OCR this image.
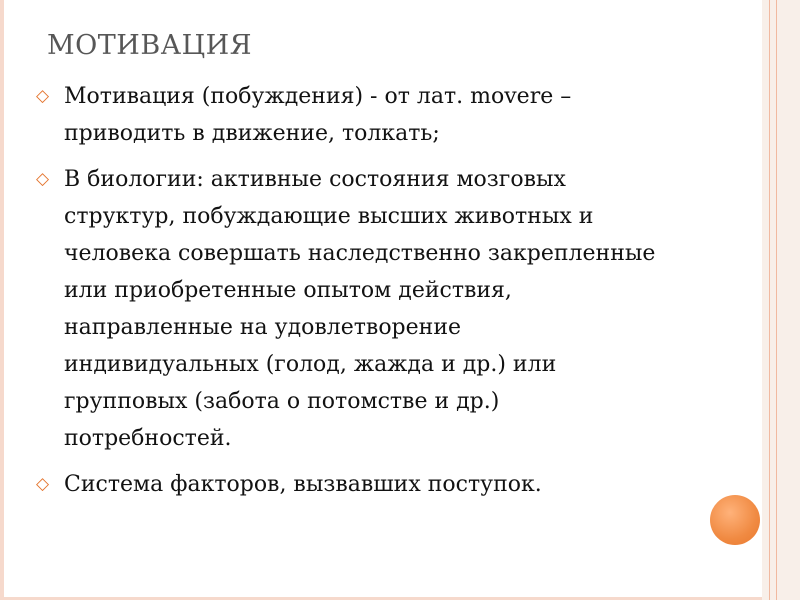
МОТИВАЦИЯ
◇ Мотивация (побуждения) - от лат. movere –
приводить в движение, толкать;
◇ В биологии: активные состояния мозговых
структур, побуждающие высших животных и
человека совершать наследственно закрепленные
или приобретенные опытом действия,
направленные на удовлетворение
индивидуальных (голод, жажда и др.) или
групповых (забота о потомстве и др.)
потребностей.
◇ Система факторов, вызвавших поступок.
